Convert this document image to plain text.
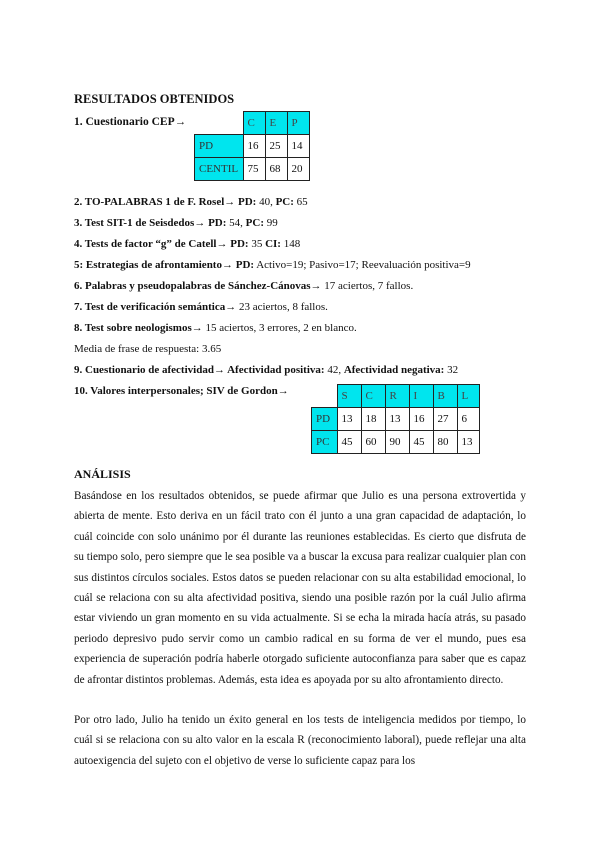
RESULTADOS OBTENIDOS
1. Cuestionario CEP→
		C	E	P
PD	16	25	14
CENTIL	75	68	20
2. TO-PALABRAS 1 de F. Rosel→ PD: 40, PC: 65
3. Test SIT-1 de Seisdedos→ PD: 54, PC: 99
4. Tests de factor “g” de Catell→ PD: 35 CI: 148
5: Estrategias de afrontamiento→ PD: Activo=19; Pasivo=17; Reevaluación positiva=9
6. Palabras y pseudopalabras de Sánchez-Cánovas→ 17 aciertos, 7 fallos.
7. Test de verificación semántica→ 23 aciertos, 8 fallos.
8. Test sobre neologismos→ 15 aciertos, 3 errores, 2 en blanco.
Media de frase de respuesta: 3.65
9. Cuestionario de afectividad→ Afectividad positiva: 42, Afectividad negativa: 32
10. Valores interpersonales; SIV de Gordon→
		S	C	R	I	B	L
PD	13	18	13	16	27	6
PC	45	60	90	45	80	13
ANÁLISIS

Basándose en los resultados obtenidos, se puede afirmar que Julio es una persona extrovertida y abierta de mente. Esto deriva en un fácil trato con él junto a una gran capacidad de adaptación, lo cuál coincide con solo unánimo por él durante las reuniones establecidas. Es cierto que disfruta de su tiempo solo, pero siempre que le sea posible va a buscar la excusa para realizar cualquier plan con sus distintos círculos sociales. Estos datos se pueden relacionar con su alta estabilidad emocional, lo cuál se relaciona con su alta afectividad positiva, siendo una posible razón por la cuál Julio afirma estar viviendo un gran momento en su vida actualmente. Si se echa la mirada hacía atrás, su pasado periodo depresivo pudo servir como un cambio radical en su forma de ver el mundo, pues esa experiencia de superación podría haberle otorgado suficiente autoconfianza para saber que es capaz de afrontar distintos problemas. Además, esta idea es apoyada por su alto afrontamiento directo.

Por otro lado, Julio ha tenido un éxito general en los tests de inteligencia medidos por tiempo, lo cuál si se relaciona con su alto valor en la escala R (reconocimiento laboral), puede reflejar una alta autoexigencia del sujeto con el objetivo de verse lo suficiente capaz para los
